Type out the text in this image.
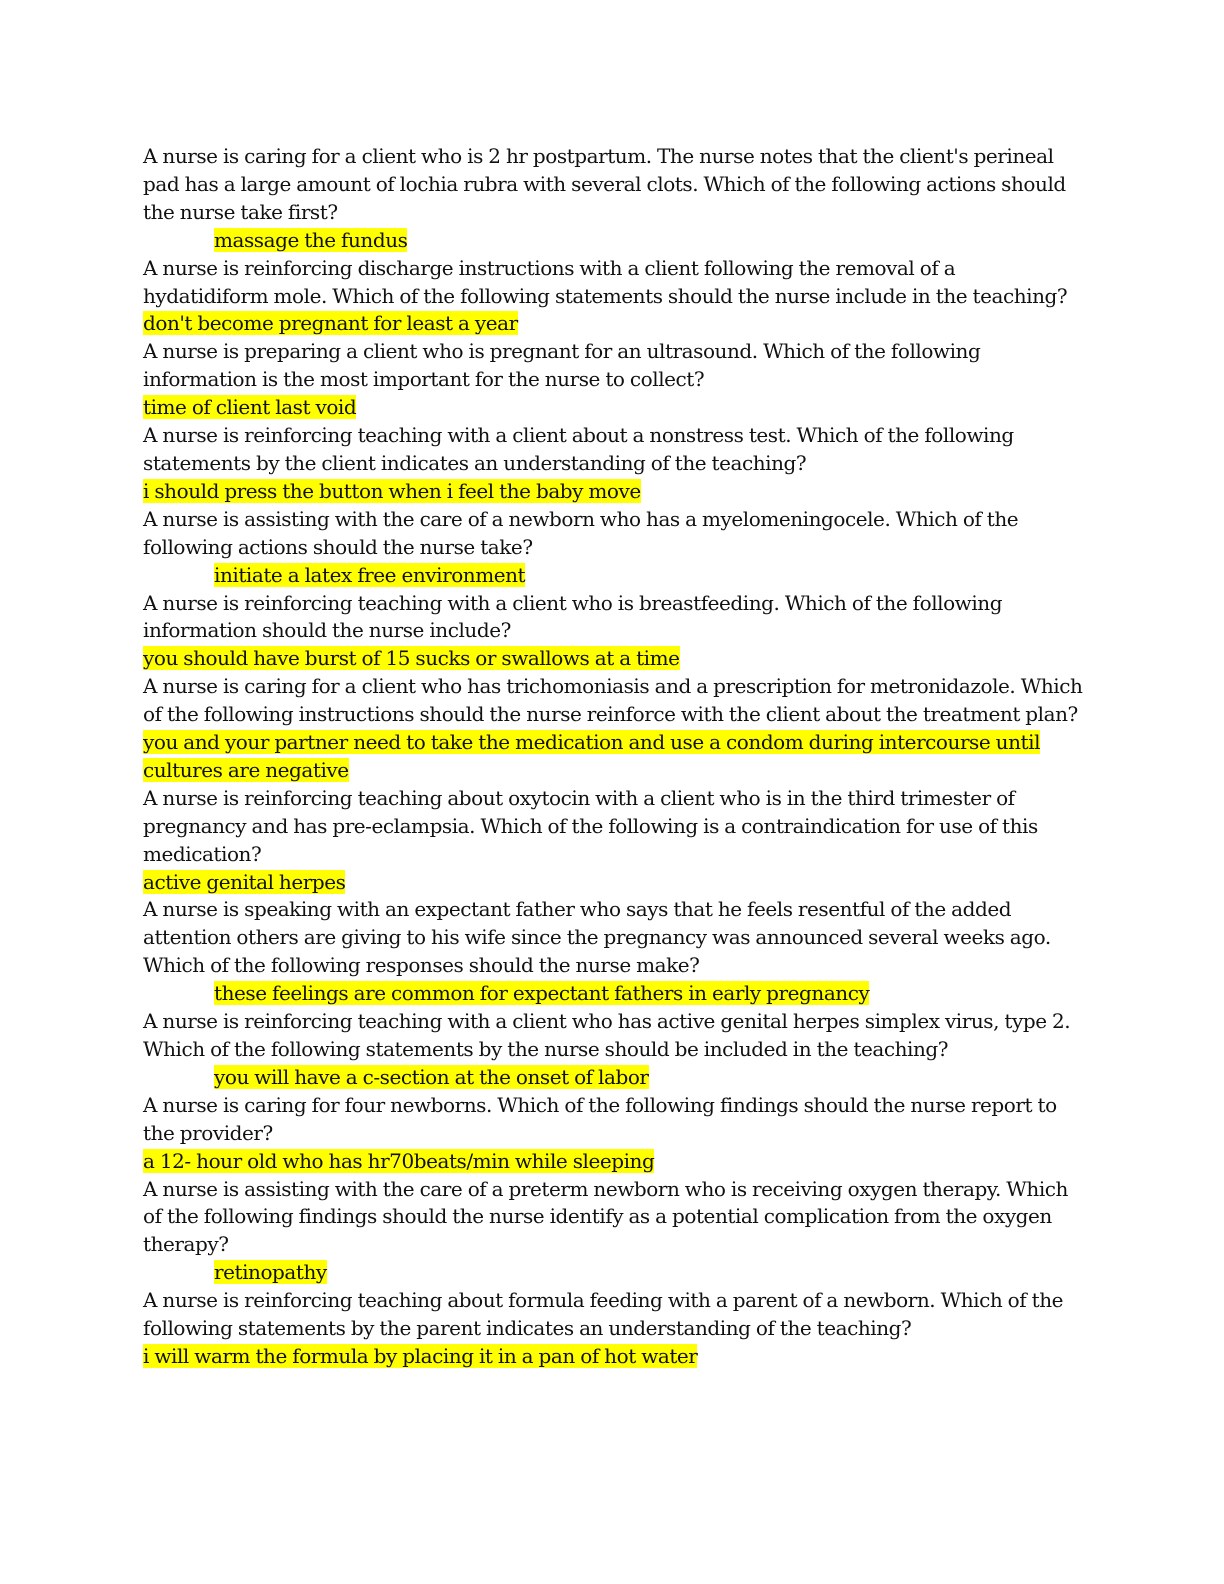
A nurse is caring for a client who is 2 hr postpartum. The nurse notes that the client's perineal pad has a large amount of lochia rubra with several clots. Which of the following actions should the nurse take first?

massage the fundus

A nurse is reinforcing discharge instructions with a client following the removal of a hydatidiform mole. Which of the following statements should the nurse include in the teaching?

don't become pregnant for least a year

A nurse is preparing a client who is pregnant for an ultrasound. Which of the following information is the most important for the nurse to collect?

time of client last void

A nurse is reinforcing teaching with a client about a nonstress test. Which of the following statements by the client indicates an understanding of the teaching?

i should press the button when i feel the baby move

A nurse is assisting with the care of a newborn who has a myelomeningocele. Which of the following actions should the nurse take?

initiate a latex free environment

A nurse is reinforcing teaching with a client who is breastfeeding. Which of the following information should the nurse include?

you should have burst of 15 sucks or swallows at a time

A nurse is caring for a client who has trichomoniasis and a prescription for metronidazole. Which of the following instructions should the nurse reinforce with the client about the treatment plan?

you and your partner need to take the medication and use a condom during intercourse until cultures are negative

A nurse is reinforcing teaching about oxytocin with a client who is in the third trimester of pregnancy and has pre-eclampsia. Which of the following is a contraindication for use of this medication?

active genital herpes

A nurse is speaking with an expectant father who says that he feels resentful of the added attention others are giving to his wife since the pregnancy was announced several weeks ago. Which of the following responses should the nurse make?

these feelings are common for expectant fathers in early pregnancy

A nurse is reinforcing teaching with a client who has active genital herpes simplex virus, type 2. Which of the following statements by the nurse should be included in the teaching?

you will have a c-section at the onset of labor

A nurse is caring for four newborns. Which of the following findings should the nurse report to the provider?

a 12- hour old who has hr70beats/min while sleeping

A nurse is assisting with the care of a preterm newborn who is receiving oxygen therapy. Which of the following findings should the nurse identify as a potential complication from the oxygen therapy?

retinopathy

A nurse is reinforcing teaching about formula feeding with a parent of a newborn. Which of the following statements by the parent indicates an understanding of the teaching?

i will warm the formula by placing it in a pan of hot water
